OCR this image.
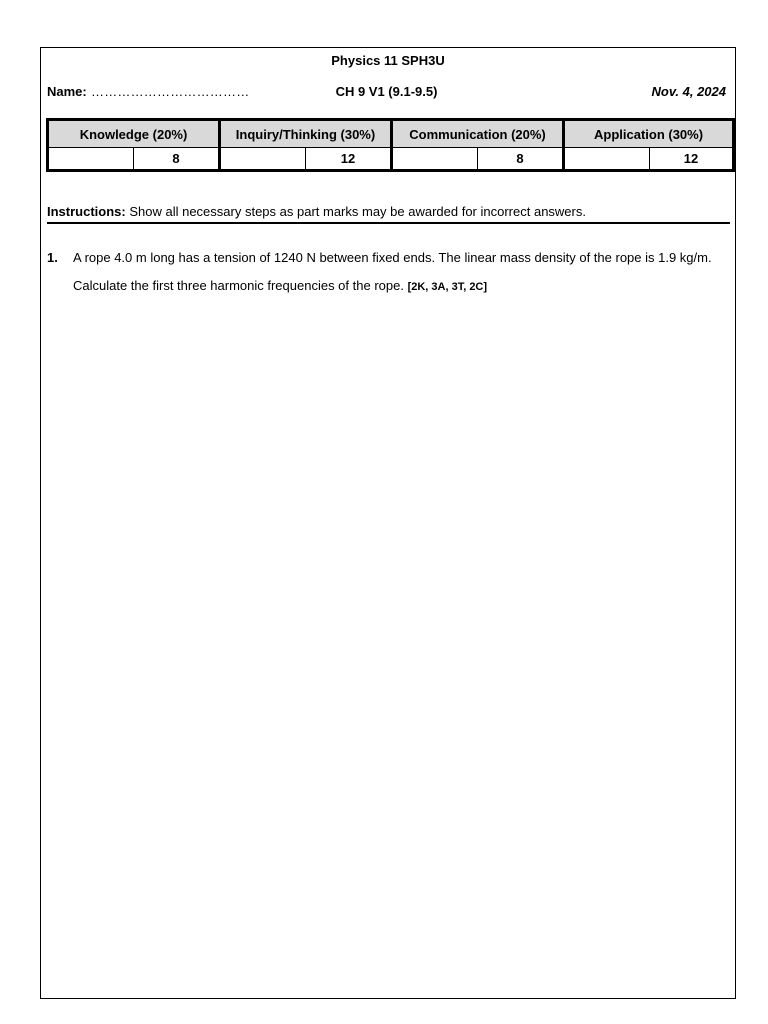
Physics 11 SPH3U
Name: ………………………………	CH 9 V1 (9.1-9.5)	Nov. 4, 2024
Knowledge (20%)		Inquiry/Thinking (30%)		Communication (20%)		Application (30%)	
	8		12		8		12
Instructions: Show all necessary steps as part marks may be awarded for incorrect answers.
1. A rope 4.0 m long has a tension of 1240 N between fixed ends. The linear mass density of the rope is 1.9 kg/m. Calculate the first three harmonic frequencies of the rope. [2K, 3A, 3T, 2C]
